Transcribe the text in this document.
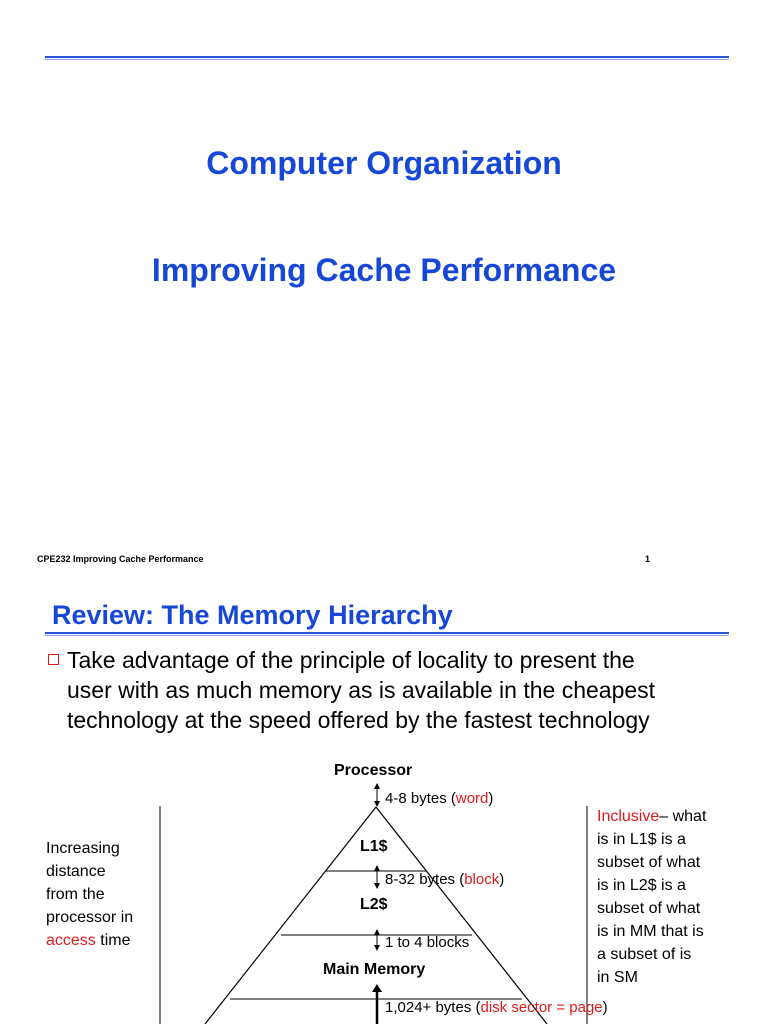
Computer Organization
Improving Cache Performance
CPE232 Improving Cache Performance	1
Review: The Memory Hierarchy
Take advantage of the principle of locality to present the
user with as much memory as is available in the cheapest
technology at the speed offered by the fastest technology
Processor
L1$
L2$
Main Memory
4-8 bytes (word)
8-32 bytes (block)
1 to 4 blocks
1,024+ bytes (disk sector = page)
Increasing
distance
from the
processor in
access time
Inclusive– what
is in L1$ is a
subset of what
is in L2$ is a
subset of what
is in MM that is
a subset of is
in SM
